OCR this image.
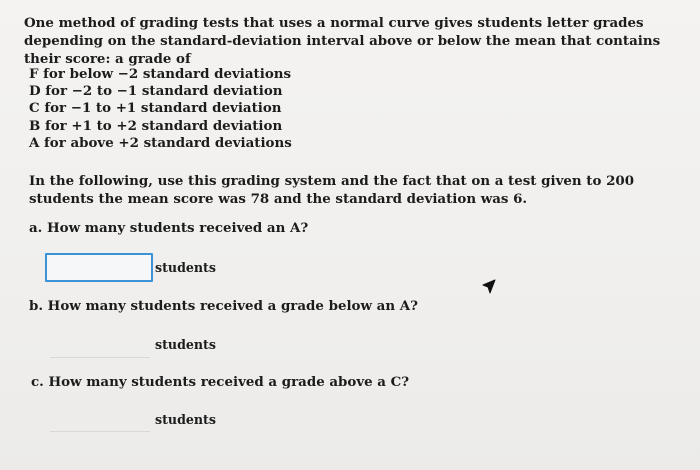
One method of grading tests that uses a normal curve gives students letter grades depending on the standard-deviation interval above or below the mean that contains their score: a grade of

F for below −2 standard deviations
D for −2 to −1 standard deviation
C for −1 to +1 standard deviation
B for +1 to +2 standard deviation
A for above +2 standard deviations

In the following, use this grading system and the fact that on a test given to 200 students the mean score was 78 and the standard deviation was 6.

a. How many students received an A?

students

b. How many students received a grade below an A?

students

c. How many students received a grade above a C?

students
